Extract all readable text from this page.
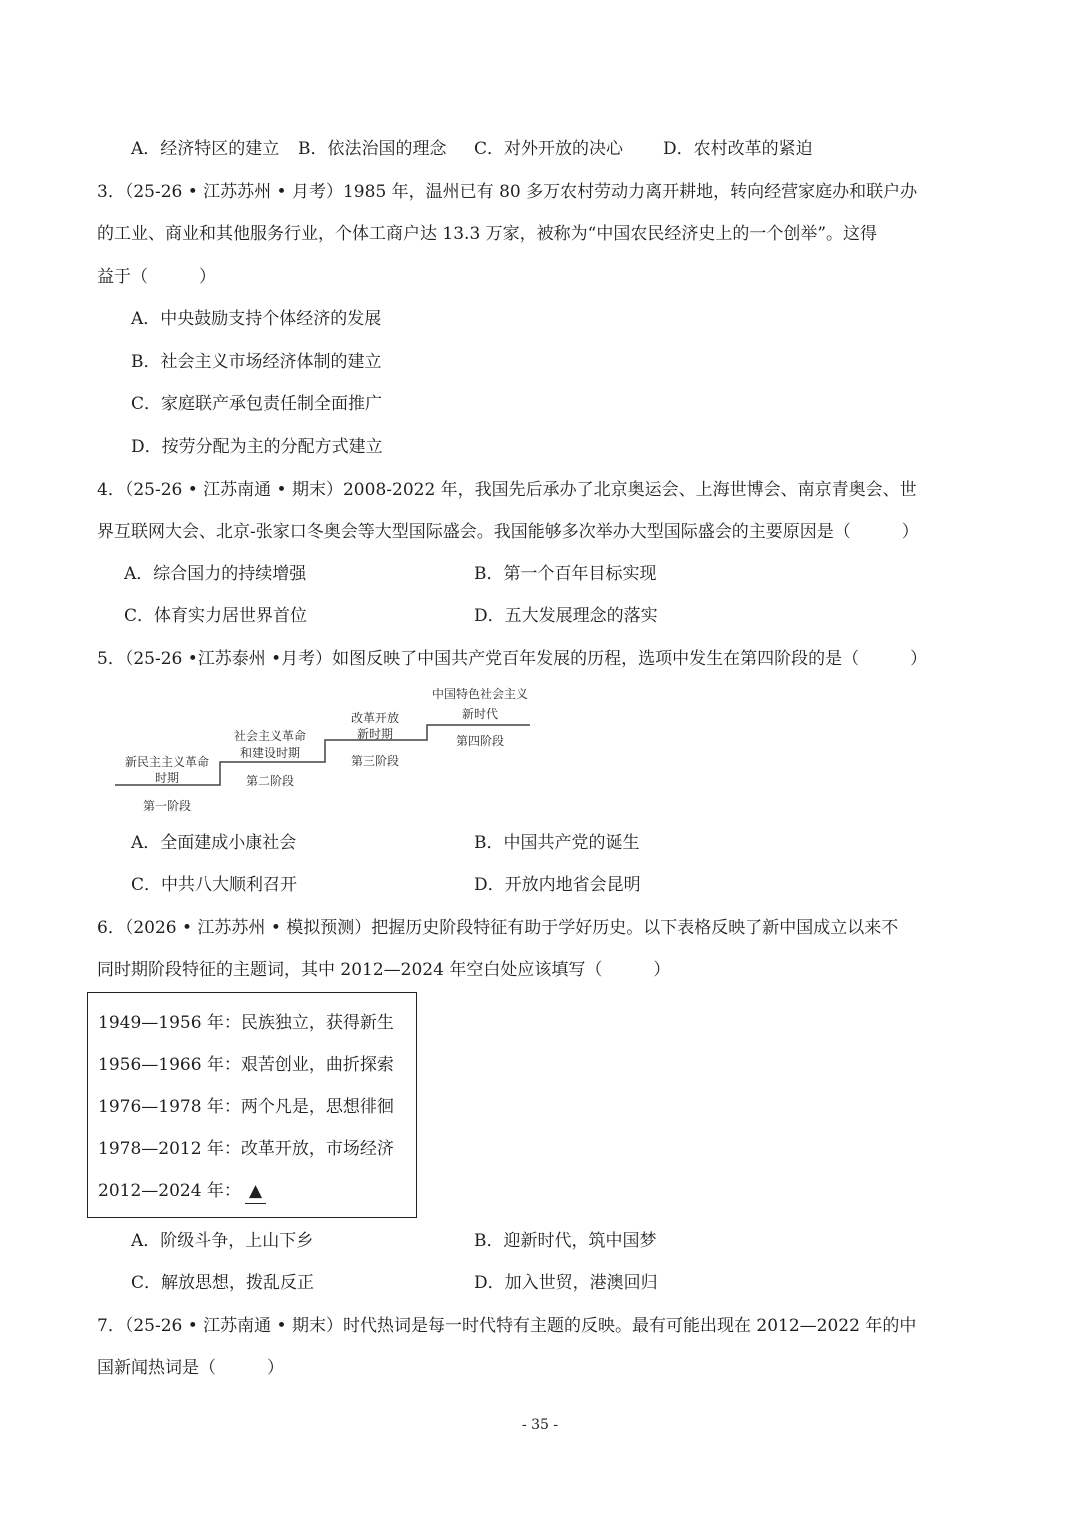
A．经济特区的建立 B．依法治国的理念 C．对外开放的决心 D．农村改革的紧迫
3．（25-26 • 江苏苏州 • 月考）1985 年，温州已有 80 多万农村劳动力离开耕地，转向经营家庭办和联户办
的工业、商业和其他服务行业，个体工商户达 13.3 万家，被称为“中国农民经济史上的一个创举”。这得
益于（　　　）
A．中央鼓励支持个体经济的发展
B．社会主义市场经济体制的建立
C．家庭联产承包责任制全面推广
D．按劳分配为主的分配方式建立
4．（25-26 • 江苏南通 • 期末）2008-2022 年，我国先后承办了北京奥运会、上海世博会、南京青奥会、世
界互联网大会、北京-张家口冬奥会等大型国际盛会。我国能够多次举办大型国际盛会的主要原因是（　　　）
A．综合国力的持续增强	B．第一个百年目标实现
C．体育实力居世界首位	D．五大发展理念的落实
5．（25-26 •江苏泰州 •月考）如图反映了中国共产党百年发展的历程，选项中发生在第四阶段的是（　　　）
新民主主义革命
时期
第一阶段
社会主义革命
和建设时期
第二阶段
改革开放
新时期
第三阶段
中国特色社会主义
新时代
第四阶段
A．全面建成小康社会	B．中国共产党的诞生
C．中共八大顺利召开	D．开放内地省会昆明
6．（2026 • 江苏苏州 • 模拟预测）把握历史阶段特征有助于学好历史。以下表格反映了新中国成立以来不
同时期阶段特征的主题词，其中 2012—2024 年空白处应该填写（　　　）
1949—1956 年：民族独立，获得新生
1956—1966 年：艰苦创业，曲折探索
1976—1978 年：两个凡是，思想徘徊
1978—2012 年：改革开放，市场经济
2012—2024 年： ▲
A．阶级斗争，上山下乡	B．迎新时代，筑中国梦
C．解放思想，拨乱反正	D．加入世贸，港澳回归
7．（25-26 • 江苏南通 • 期末）时代热词是每一时代特有主题的反映。最有可能出现在 2012—2022 年的中
国新闻热词是（　　　）
- 35 -
